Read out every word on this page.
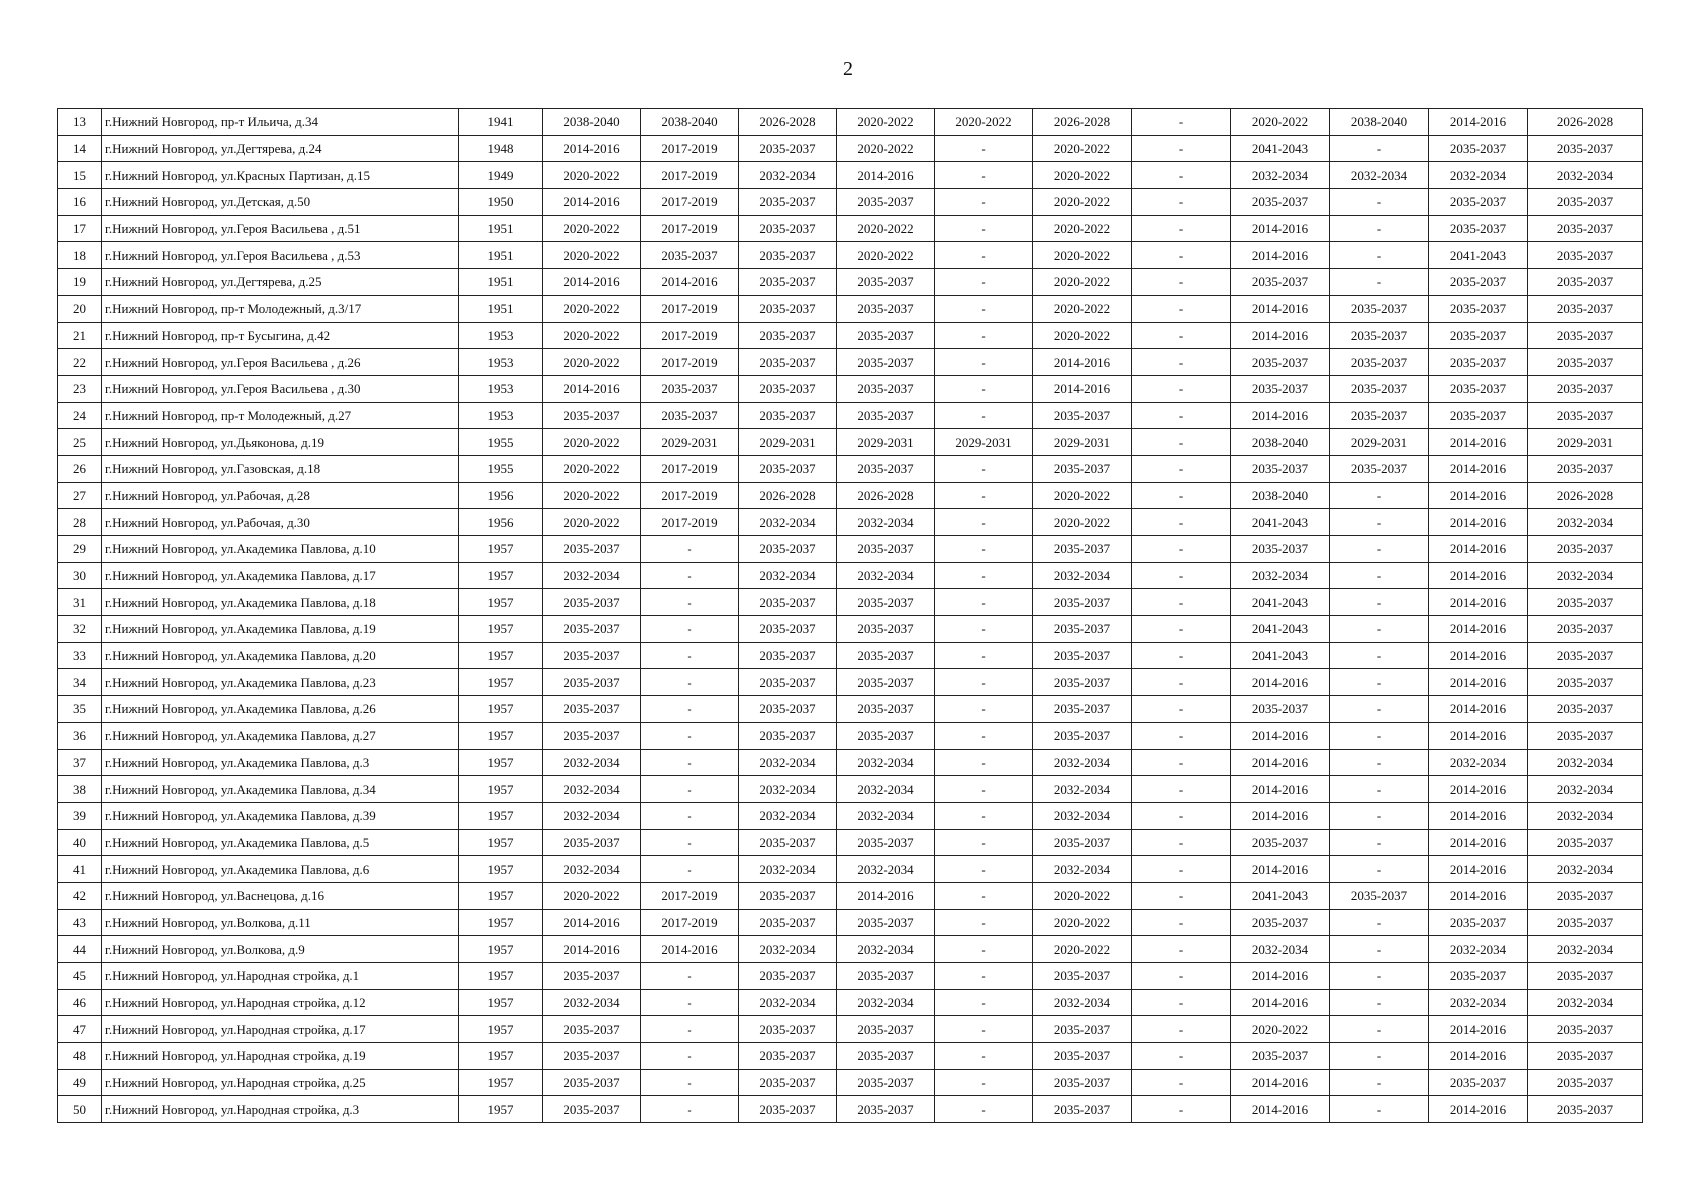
2
13	г.Нижний Новгород, пр-т Ильича, д.34	1941	2038-2040	2038-2040	2026-2028	2020-2022	2020-2022	2026-2028	-	2020-2022	2038-2040	2014-2016	2026-2028
14	г.Нижний Новгород, ул.Дегтярева, д.24	1948	2014-2016	2017-2019	2035-2037	2020-2022	-	2020-2022	-	2041-2043	-	2035-2037	2035-2037
15	г.Нижний Новгород, ул.Красных Партизан, д.15	1949	2020-2022	2017-2019	2032-2034	2014-2016	-	2020-2022	-	2032-2034	2032-2034	2032-2034	2032-2034
16	г.Нижний Новгород, ул.Детская, д.50	1950	2014-2016	2017-2019	2035-2037	2035-2037	-	2020-2022	-	2035-2037	-	2035-2037	2035-2037
17	г.Нижний Новгород, ул.Героя Васильева , д.51	1951	2020-2022	2017-2019	2035-2037	2020-2022	-	2020-2022	-	2014-2016	-	2035-2037	2035-2037
18	г.Нижний Новгород, ул.Героя Васильева , д.53	1951	2020-2022	2035-2037	2035-2037	2020-2022	-	2020-2022	-	2014-2016	-	2041-2043	2035-2037
19	г.Нижний Новгород, ул.Дегтярева, д.25	1951	2014-2016	2014-2016	2035-2037	2035-2037	-	2020-2022	-	2035-2037	-	2035-2037	2035-2037
20	г.Нижний Новгород, пр-т Молодежный, д.3/17	1951	2020-2022	2017-2019	2035-2037	2035-2037	-	2020-2022	-	2014-2016	2035-2037	2035-2037	2035-2037
21	г.Нижний Новгород, пр-т Бусыгина, д.42	1953	2020-2022	2017-2019	2035-2037	2035-2037	-	2020-2022	-	2014-2016	2035-2037	2035-2037	2035-2037
22	г.Нижний Новгород, ул.Героя Васильева , д.26	1953	2020-2022	2017-2019	2035-2037	2035-2037	-	2014-2016	-	2035-2037	2035-2037	2035-2037	2035-2037
23	г.Нижний Новгород, ул.Героя Васильева , д.30	1953	2014-2016	2035-2037	2035-2037	2035-2037	-	2014-2016	-	2035-2037	2035-2037	2035-2037	2035-2037
24	г.Нижний Новгород, пр-т Молодежный, д.27	1953	2035-2037	2035-2037	2035-2037	2035-2037	-	2035-2037	-	2014-2016	2035-2037	2035-2037	2035-2037
25	г.Нижний Новгород, ул.Дьяконова, д.19	1955	2020-2022	2029-2031	2029-2031	2029-2031	2029-2031	2029-2031	-	2038-2040	2029-2031	2014-2016	2029-2031
26	г.Нижний Новгород, ул.Газовская, д.18	1955	2020-2022	2017-2019	2035-2037	2035-2037	-	2035-2037	-	2035-2037	2035-2037	2014-2016	2035-2037
27	г.Нижний Новгород, ул.Рабочая, д.28	1956	2020-2022	2017-2019	2026-2028	2026-2028	-	2020-2022	-	2038-2040	-	2014-2016	2026-2028
28	г.Нижний Новгород, ул.Рабочая, д.30	1956	2020-2022	2017-2019	2032-2034	2032-2034	-	2020-2022	-	2041-2043	-	2014-2016	2032-2034
29	г.Нижний Новгород, ул.Академика Павлова, д.10	1957	2035-2037	-	2035-2037	2035-2037	-	2035-2037	-	2035-2037	-	2014-2016	2035-2037
30	г.Нижний Новгород, ул.Академика Павлова, д.17	1957	2032-2034	-	2032-2034	2032-2034	-	2032-2034	-	2032-2034	-	2014-2016	2032-2034
31	г.Нижний Новгород, ул.Академика Павлова, д.18	1957	2035-2037	-	2035-2037	2035-2037	-	2035-2037	-	2041-2043	-	2014-2016	2035-2037
32	г.Нижний Новгород, ул.Академика Павлова, д.19	1957	2035-2037	-	2035-2037	2035-2037	-	2035-2037	-	2041-2043	-	2014-2016	2035-2037
33	г.Нижний Новгород, ул.Академика Павлова, д.20	1957	2035-2037	-	2035-2037	2035-2037	-	2035-2037	-	2041-2043	-	2014-2016	2035-2037
34	г.Нижний Новгород, ул.Академика Павлова, д.23	1957	2035-2037	-	2035-2037	2035-2037	-	2035-2037	-	2014-2016	-	2014-2016	2035-2037
35	г.Нижний Новгород, ул.Академика Павлова, д.26	1957	2035-2037	-	2035-2037	2035-2037	-	2035-2037	-	2035-2037	-	2014-2016	2035-2037
36	г.Нижний Новгород, ул.Академика Павлова, д.27	1957	2035-2037	-	2035-2037	2035-2037	-	2035-2037	-	2014-2016	-	2014-2016	2035-2037
37	г.Нижний Новгород, ул.Академика Павлова, д.3	1957	2032-2034	-	2032-2034	2032-2034	-	2032-2034	-	2014-2016	-	2032-2034	2032-2034
38	г.Нижний Новгород, ул.Академика Павлова, д.34	1957	2032-2034	-	2032-2034	2032-2034	-	2032-2034	-	2014-2016	-	2014-2016	2032-2034
39	г.Нижний Новгород, ул.Академика Павлова, д.39	1957	2032-2034	-	2032-2034	2032-2034	-	2032-2034	-	2014-2016	-	2014-2016	2032-2034
40	г.Нижний Новгород, ул.Академика Павлова, д.5	1957	2035-2037	-	2035-2037	2035-2037	-	2035-2037	-	2035-2037	-	2014-2016	2035-2037
41	г.Нижний Новгород, ул.Академика Павлова, д.6	1957	2032-2034	-	2032-2034	2032-2034	-	2032-2034	-	2014-2016	-	2014-2016	2032-2034
42	г.Нижний Новгород, ул.Васнецова, д.16	1957	2020-2022	2017-2019	2035-2037	2014-2016	-	2020-2022	-	2041-2043	2035-2037	2014-2016	2035-2037
43	г.Нижний Новгород, ул.Волкова, д.11	1957	2014-2016	2017-2019	2035-2037	2035-2037	-	2020-2022	-	2035-2037	-	2035-2037	2035-2037
44	г.Нижний Новгород, ул.Волкова, д.9	1957	2014-2016	2014-2016	2032-2034	2032-2034	-	2020-2022	-	2032-2034	-	2032-2034	2032-2034
45	г.Нижний Новгород, ул.Народная стройка, д.1	1957	2035-2037	-	2035-2037	2035-2037	-	2035-2037	-	2014-2016	-	2035-2037	2035-2037
46	г.Нижний Новгород, ул.Народная стройка, д.12	1957	2032-2034	-	2032-2034	2032-2034	-	2032-2034	-	2014-2016	-	2032-2034	2032-2034
47	г.Нижний Новгород, ул.Народная стройка, д.17	1957	2035-2037	-	2035-2037	2035-2037	-	2035-2037	-	2020-2022	-	2014-2016	2035-2037
48	г.Нижний Новгород, ул.Народная стройка, д.19	1957	2035-2037	-	2035-2037	2035-2037	-	2035-2037	-	2035-2037	-	2014-2016	2035-2037
49	г.Нижний Новгород, ул.Народная стройка, д.25	1957	2035-2037	-	2035-2037	2035-2037	-	2035-2037	-	2014-2016	-	2035-2037	2035-2037
50	г.Нижний Новгород, ул.Народная стройка, д.3	1957	2035-2037	-	2035-2037	2035-2037	-	2035-2037	-	2014-2016	-	2014-2016	2035-2037
